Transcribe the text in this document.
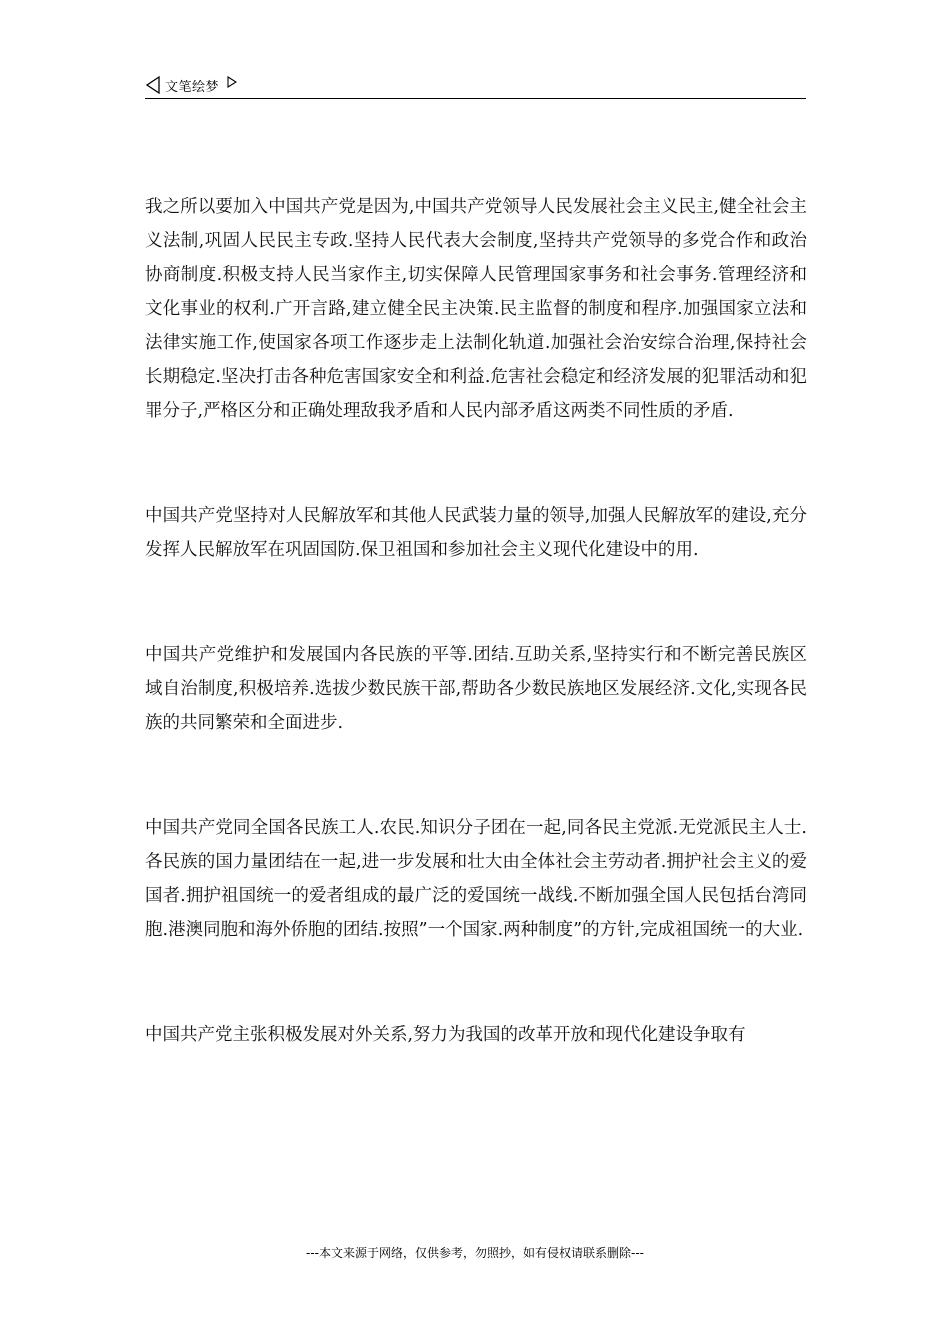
文笔绘梦

我之所以要加入中国共产党是因为,中国共产党领导人民发展社会主义民主,健全社会主义法制,巩固人民民主专政.坚持人民代表大会制度,坚持共产党领导的多党合作和政治协商制度.积极支持人民当家作主,切实保障人民管理国家事务和社会事务.管理经济和文化事业的权利.广开言路,建立健全民主决策.民主监督的制度和程序.加强国家立法和法律实施工作,使国家各项工作逐步走上法制化轨道.加强社会治安综合治理,保持社会长期稳定.坚决打击各种危害国家安全和利益.危害社会稳定和经济发展的犯罪活动和犯罪分子,严格区分和正确处理敌我矛盾和人民内部矛盾这两类不同性质的矛盾.

中国共产党坚持对人民解放军和其他人民武装力量的领导,加强人民解放军的建设,充分发挥人民解放军在巩固国防.保卫祖国和参加社会主义现代化建设中的用.

中国共产党维护和发展国内各民族的平等.团结.互助关系,坚持实行和不断完善民族区域自治制度,积极培养.选拔少数民族干部,帮助各少数民族地区发展经济.文化,实现各民族的共同繁荣和全面进步.

中国共产党同全国各民族工人.农民.知识分子团在一起,同各民主党派.无党派民主人士.各民族的国力量团结在一起,进一步发展和壮大由全体社会主劳动者.拥护社会主义的爱国者.拥护祖国统一的爱者组成的最广泛的爱国统一战线.不断加强全国人民包括台湾同胞.港澳同胞和海外侨胞的团结.按照”一个国家.两种制度”的方针,完成祖国统一的大业.

中国共产党主张积极发展对外关系,努力为我国的改革开放和现代化建设争取有

---本文来源于网络，仅供参考，勿照抄，如有侵权请联系删除---
